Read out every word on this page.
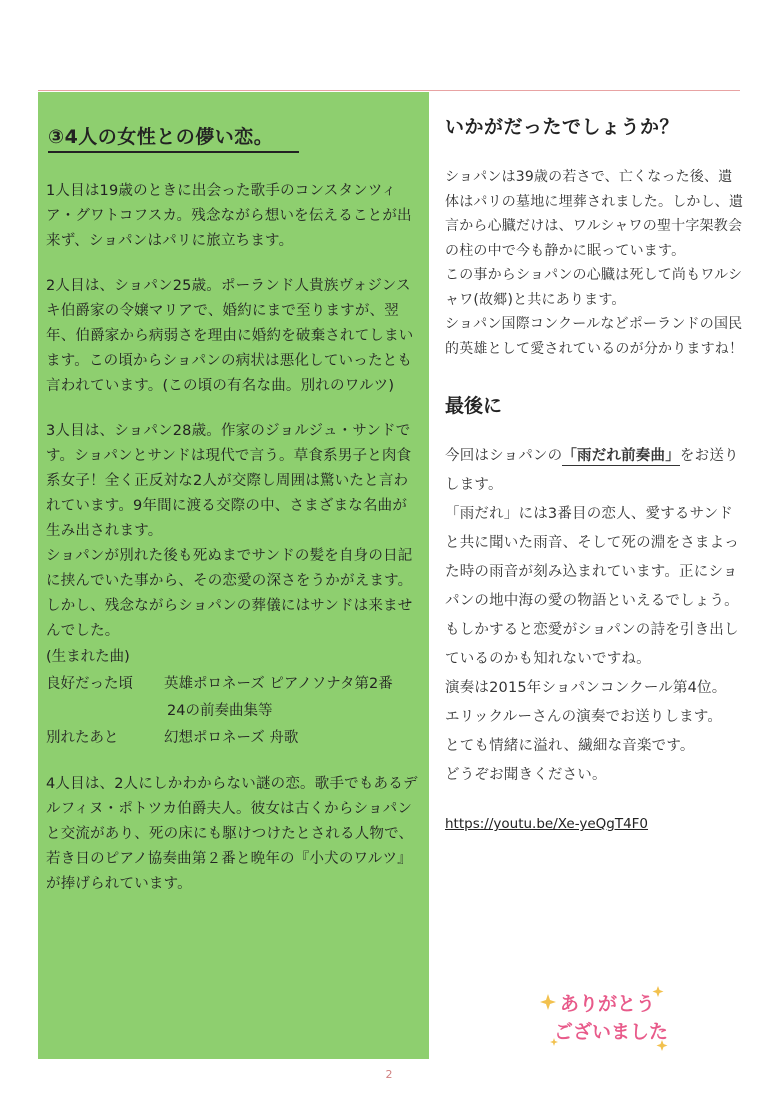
③4人の女性との儚い恋。

1人目は19歳のときに出会った歌手のコンスタンツィア・グワトコフスカ。残念ながら想いを伝えることが出来ず、ショパンはパリに旅立ちます。

2人目は、ショパン25歳。ポーランド人貴族ヴォジンスキ伯爵家の令嬢マリアで、婚約にまで至りますが、翌年、伯爵家から病弱さを理由に婚約を破棄されてしまいます。この頃からショパンの病状は悪化していったとも言われています。(この頃の有名な曲。別れのワルツ)

3人目は、ショパン28歳。作家のジョルジュ・サンドです。ショパンとサンドは現代で言う。草食系男子と肉食系女子！全く正反対な2人が交際し周囲は驚いたと言われています。9年間に渡る交際の中、さまざまな名曲が生み出されます。

ショパンが別れた後も死ぬまでサンドの髪を自身の日記に挟んでいた事から、その恋愛の深さをうかがえます。しかし、残念ながらショパンの葬儀にはサンドは来ませんでした。

(生まれた曲)
良好だった頃	英雄ポロネーズ ピアノソナタ第2番
24の前奏曲集等
別れたあと	幻想ポロネーズ 舟歌

4人目は、2人にしかわからない謎の恋。歌手でもあるデルフィヌ・ポトツカ伯爵夫人。彼女は古くからショパンと交流があり、死の床にも駆けつけたとされる人物で、若き日のピアノ協奏曲第２番と晩年の『小犬のワルツ』が捧げられています。

いかがだったでしょうか？

ショパンは39歳の若さで、亡くなった後、遺体はパリの墓地に埋葬されました。しかし、遺言から心臓だけは、ワルシャワの聖十字架教会の柱の中で今も静かに眠っています。

この事からショパンの心臓は死して尚もワルシャワ(故郷)と共にあります。

ショパン国際コンクールなどポーランドの国民的英雄として愛されているのが分かりますね！

最後に

今回はショパンの「雨だれ前奏曲」をお送りします。

「雨だれ」には3番目の恋人、愛するサンドと共に聞いた雨音、そして死の淵をさまよった時の雨音が刻み込まれています。正にショパンの地中海の愛の物語といえるでしょう。

もしかすると恋愛がショパンの詩を引き出しているのかも知れないですね。

演奏は2015年ショパンコンクール第4位。

エリックルーさんの演奏でお送りします。

とても情緒に溢れ、繊細な音楽です。

どうぞお聞きください。

https://youtu.be/Xe-yeQgT4F0
ありがとう
ございました
2
